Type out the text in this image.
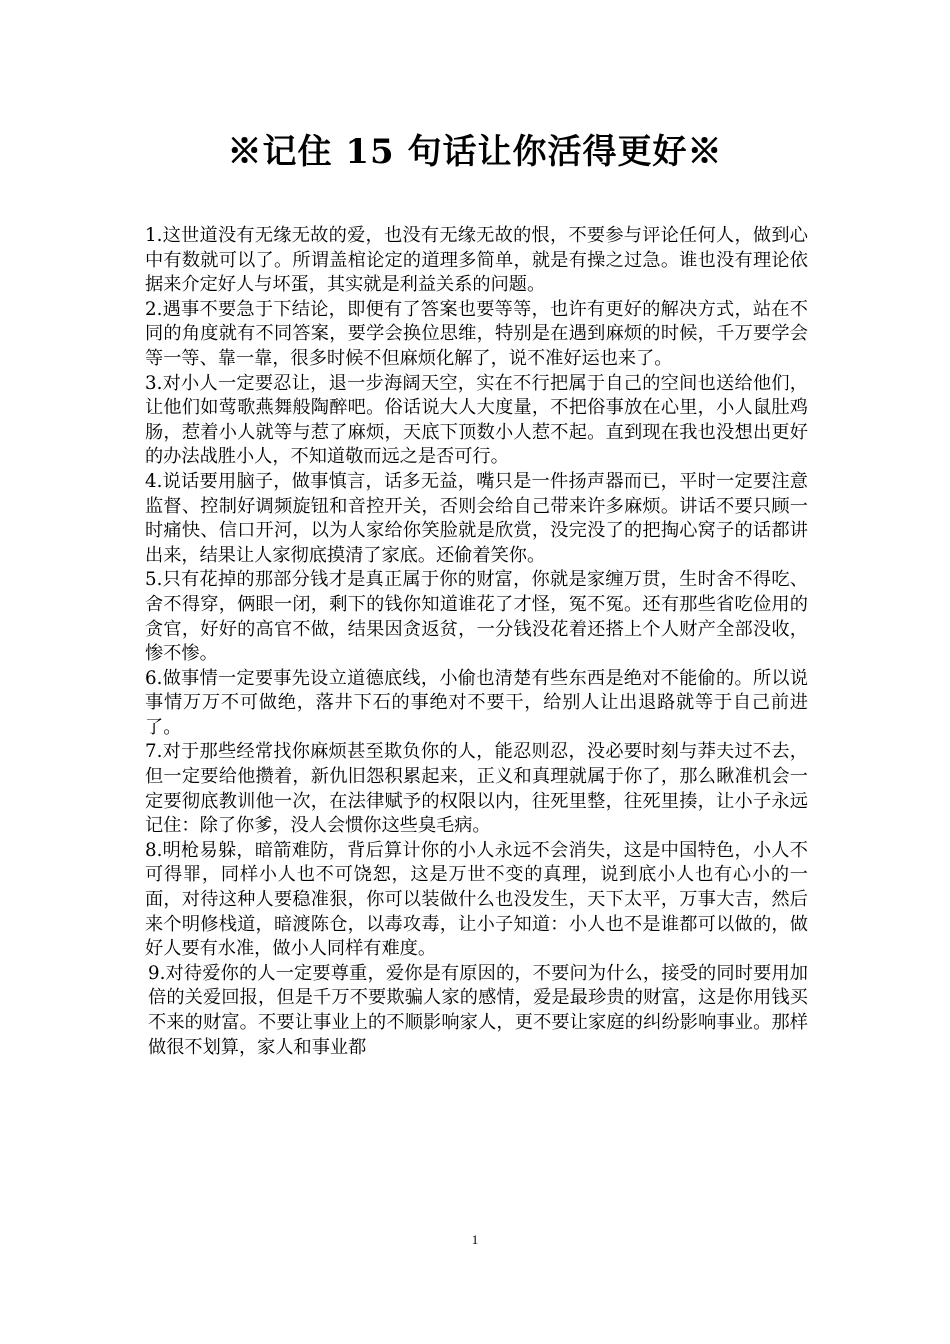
※记住 15 句话让你活得更好※

1.这世道没有无缘无故的爱，也没有无缘无故的恨，不要参与评论任何人，做到心中有数就可以了。所谓盖棺论定的道理多简单，就是有操之过急。谁也没有理论依据来介定好人与坏蛋，其实就是利益关系的问题。

2.遇事不要急于下结论，即便有了答案也要等等，也许有更好的解决方式，站在不同的角度就有不同答案，要学会换位思维，特别是在遇到麻烦的时候，千万要学会等一等、靠一靠，很多时候不但麻烦化解了，说不准好运也来了。

3.对小人一定要忍让，退一步海阔天空，实在不行把属于自己的空间也送给他们，让他们如莺歌燕舞般陶醉吧。俗话说大人大度量，不把俗事放在心里，小人鼠肚鸡肠，惹着小人就等与惹了麻烦，天底下顶数小人惹不起。直到现在我也没想出更好的办法战胜小人，不知道敬而远之是否可行。

4.说话要用脑子，做事慎言，话多无益，嘴只是一件扬声器而已，平时一定要注意监督、控制好调频旋钮和音控开关，否则会给自己带来许多麻烦。讲话不要只顾一时痛快、信口开河，以为人家给你笑脸就是欣赏，没完没了的把掏心窝子的话都讲出来，结果让人家彻底摸清了家底。还偷着笑你。

5.只有花掉的那部分钱才是真正属于你的财富，你就是家缠万贯，生时舍不得吃、舍不得穿，俩眼一闭，剩下的钱你知道谁花了才怪，冤不冤。还有那些省吃俭用的贪官，好好的高官不做，结果因贪返贫，一分钱没花着还搭上个人财产全部没收，惨不惨。

6.做事情一定要事先设立道德底线，小偷也清楚有些东西是绝对不能偷的。所以说事情万万不可做绝，落井下石的事绝对不要干，给别人让出退路就等于自己前进了。

7.对于那些经常找你麻烦甚至欺负你的人，能忍则忍，没必要时刻与莽夫过不去，但一定要给他攒着，新仇旧怨积累起来，正义和真理就属于你了，那么瞅准机会一定要彻底教训他一次，在法律赋予的权限以内，往死里整，往死里揍，让小子永远记住：除了你爹，没人会惯你这些臭毛病。

8.明枪易躲，暗箭难防，背后算计你的小人永远不会消失，这是中国特色，小人不可得罪，同样小人也不可饶恕，这是万世不变的真理，说到底小人也有心小的一面，对待这种人要稳准狠，你可以装做什么也没发生，天下太平，万事大吉，然后来个明修栈道，暗渡陈仓，以毒攻毒，让小子知道：小人也不是谁都可以做的，做好人要有水准，做小人同样有难度。

9.对待爱你的人一定要尊重，爱你是有原因的，不要问为什么，接受的同时要用加倍的关爱回报，但是千万不要欺骗人家的感情，爱是最珍贵的财富，这是你用钱买不来的财富。不要让事业上的不顺影响家人，更不要让家庭的纠纷影响事业。那样做很不划算，家人和事业都

1
